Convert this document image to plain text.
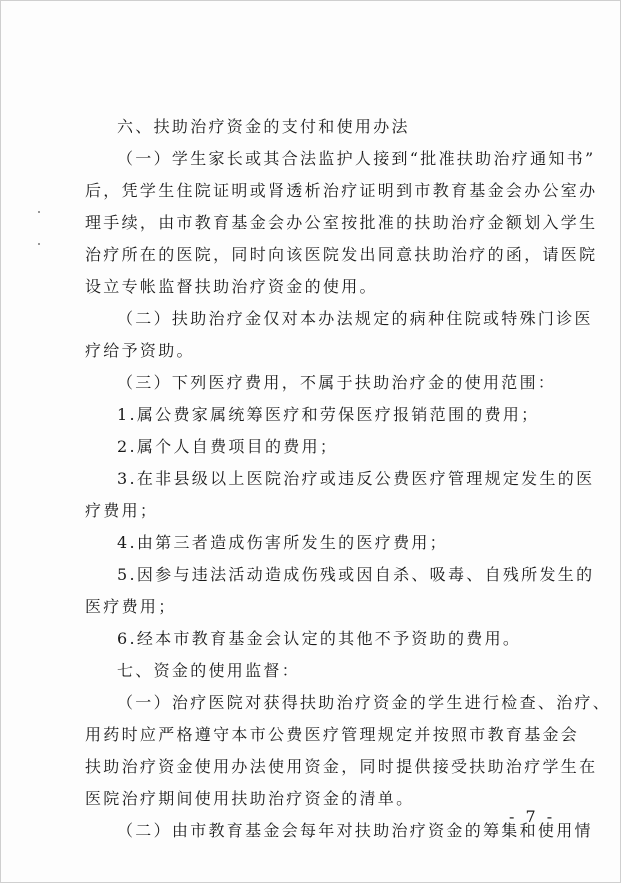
六、扶助治疗资金的支付和使用办法
（一）学生家长或其合法监护人接到“批准扶助治疗通知书”
后，凭学生住院证明或肾透析治疗证明到市教育基金会办公室办
理手续，由市教育基金会办公室按批准的扶助治疗金额划入学生
治疗所在的医院，同时向该医院发出同意扶助治疗的函，请医院
设立专帐监督扶助治疗资金的使用。
（二）扶助治疗金仅对本办法规定的病种住院或特殊门诊医
疗给予资助。
（三）下列医疗费用，不属于扶助治疗金的使用范围：
1.属公费家属统筹医疗和劳保医疗报销范围的费用；
2.属个人自费项目的费用；
3.在非县级以上医院治疗或违反公费医疗管理规定发生的医
疗费用；
4.由第三者造成伤害所发生的医疗费用；
5.因参与违法活动造成伤残或因自杀、吸毒、自残所发生的
医疗费用；
6.经本市教育基金会认定的其他不予资助的费用。
七、资金的使用监督：
（一）治疗医院对获得扶助治疗资金的学生进行检查、治疗、
用药时应严格遵守本市公费医疗管理规定并按照市教育基金会
扶助治疗资金使用办法使用资金，同时提供接受扶助治疗学生在
医院治疗期间使用扶助治疗资金的清单。
（二）由市教育基金会每年对扶助治疗资金的筹集和使用情
- 7 -
